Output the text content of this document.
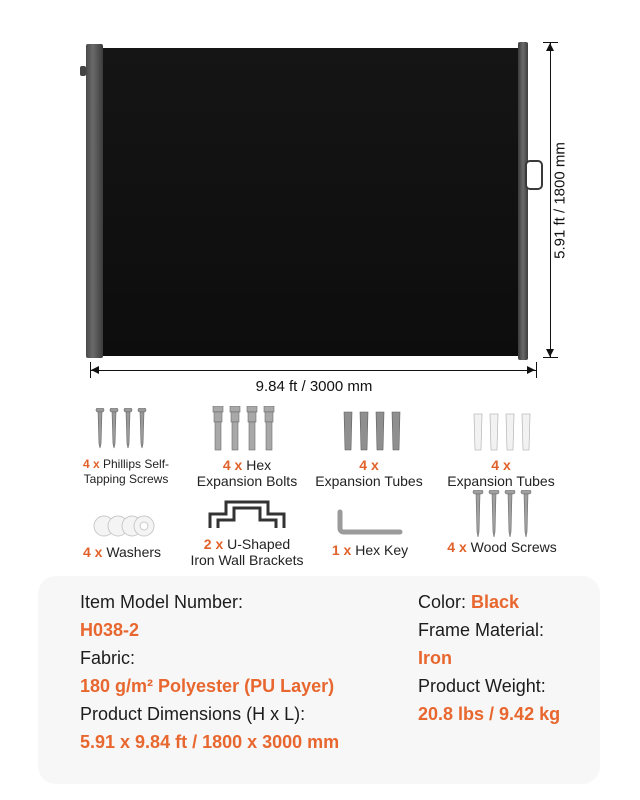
5.91 ft / 1800 mm
9.84 ft / 3000 mm
4 x Phillips Self-
Tapping Screws
4 x Hex
Expansion Bolts
4 x
Expansion Tubes
4 x
Expansion Tubes
4 x Washers	2 x U-Shaped
Iron Wall Brackets
1 x Hex Key	4 x Wood Screws
Item Model Number:
H038-2
Fabric:
180 g/m² Polyester (PU Layer)
Product Dimensions (H x L):
5.91 x 9.84 ft / 1800 x 3000 mm
Color: Black
Frame Material:
Iron
Product Weight:
20.8 lbs / 9.42 kg
